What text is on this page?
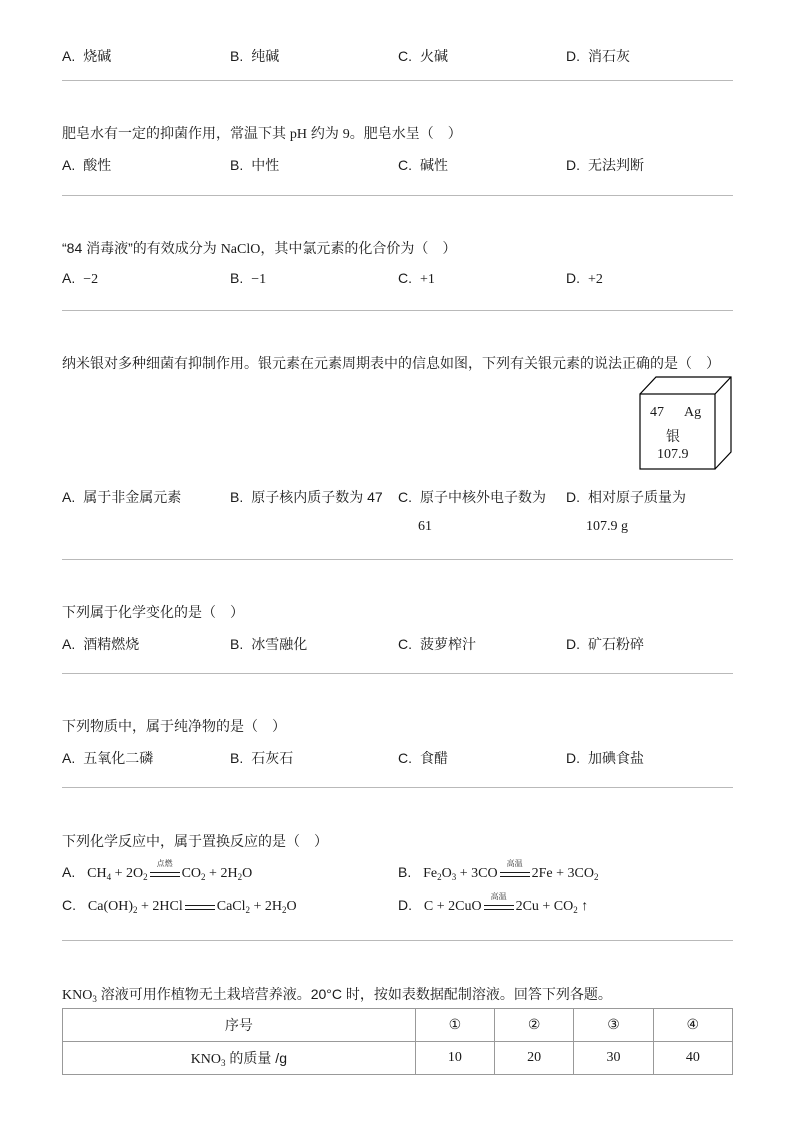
A. 烧碱	B. 纯碱	C. 火碱	D. 消石灰
肥皂水有一定的抑菌作用，常温下其 pH 约为 9。肥皂水呈（　）
A. 酸性	B. 中性	C. 碱性	D. 无法判断
“84 消毒液”的有效成分为 NaClO，其中氯元素的化合价为（　）
A. −2	B. −1	C. +1	D. +2
纳米银对多种细菌有抑制作用。银元素在元素周期表中的信息如图，下列有关银元素的说法正确的是（　）
47 Ag
银
107.9
A. 属于非金属元素	B. 原子核内质子数为 47 C. 原子中核外电子数为
61
D. 相对原子质量为
107.9 g
下列属于化学变化的是（　）
A. 酒精燃烧	B. 冰雪融化	C. 菠萝榨汁	D. 矿石粉碎
下列物质中，属于纯净物的是（　）
A. 五氧化二磷	B. 石灰石	C. 食醋	D. 加碘食盐
下列化学反应中，属于置换反应的是（　）
A. $CH_4 + 2O_2$
点燃
$CO_2 + 2H_2O$	B. $Fe_2O_3 + 3CO$
高温
$2Fe + 3CO_2$
C. $Ca(OH)_2 + 2HCl$ CaCl$_2$ + $2H_2O$	D. C + 2CuO
高温
$2Cu + CO_2$ ↑
$KNO_3$ 溶液可用作植物无土栽培营养液。20°C 时，按如表数据配制溶液。回答下列各题。
序号	①	②	③	④
$KNO_3$ 的质量 /g	10	20	30	40
